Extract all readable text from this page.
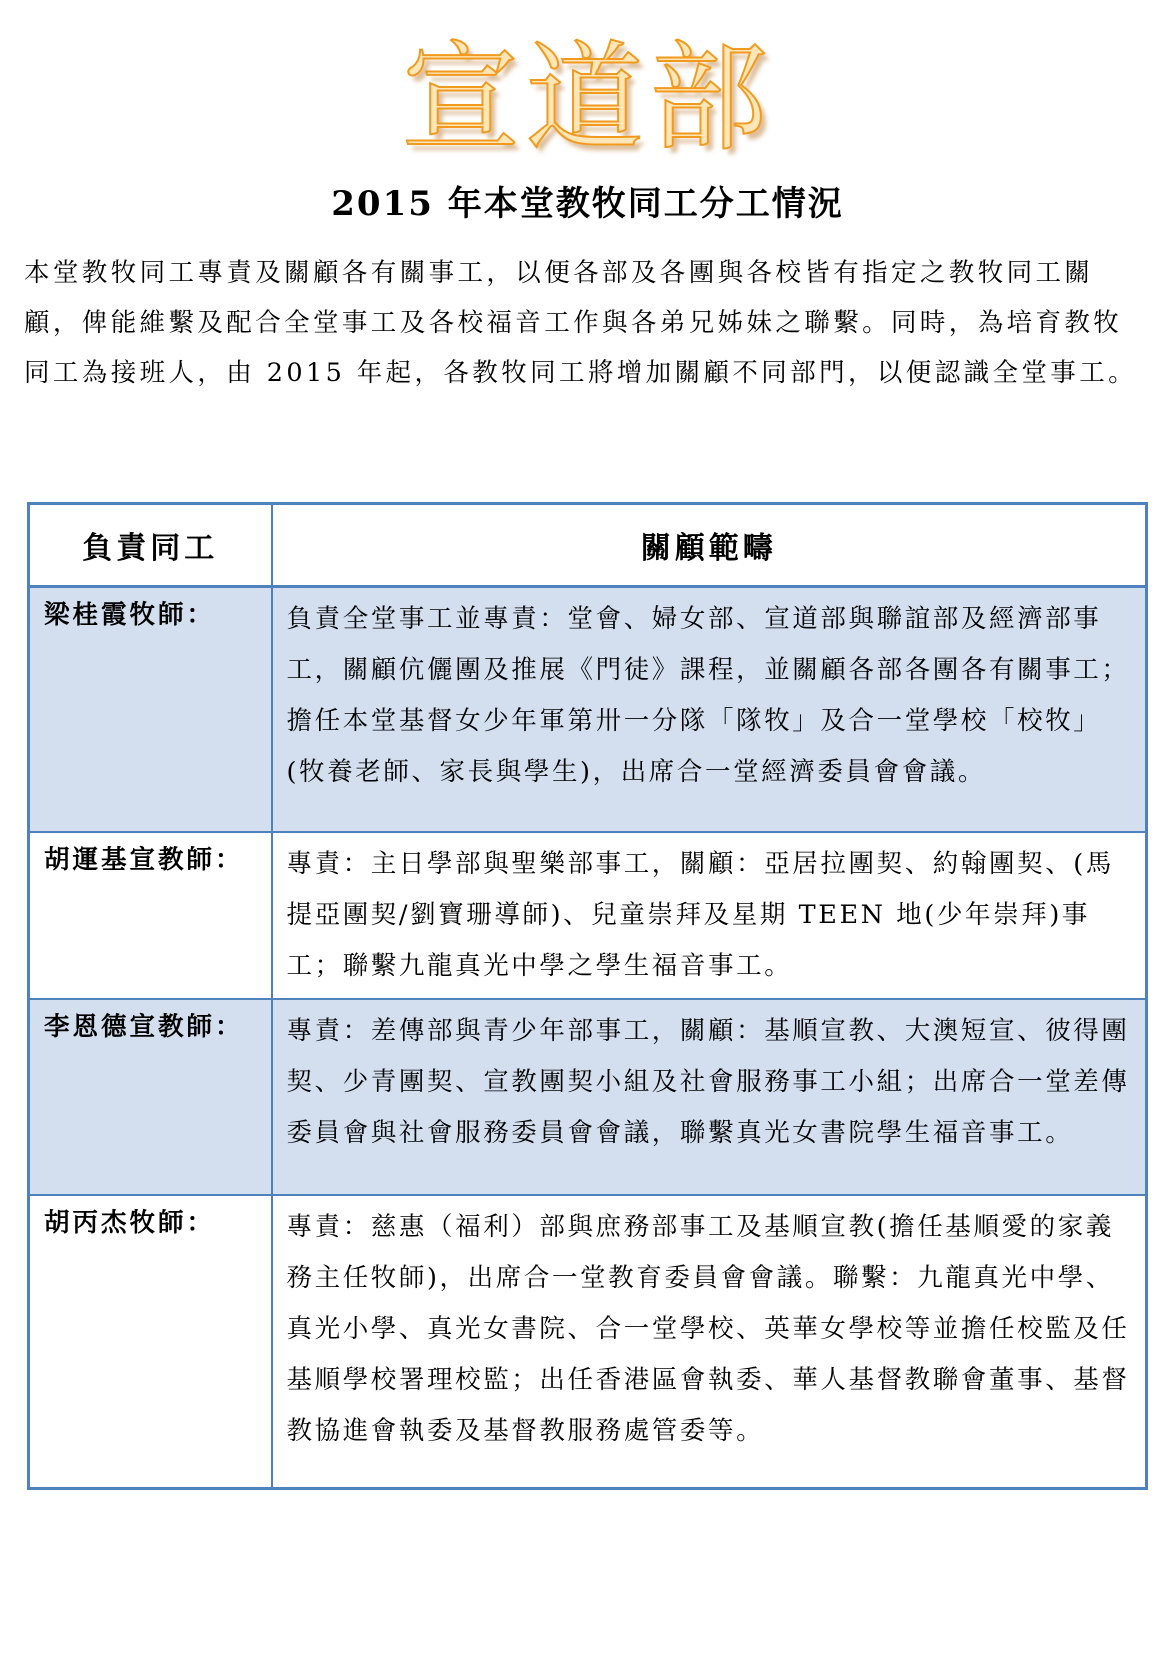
宣道部
2015 年本堂教牧同工分工情況

本堂教牧同工專責及關顧各有關事工，以便各部及各團與各校皆有指定之教牧同工關顧，俾能維繫及配合全堂事工及各校福音工作與各弟兄姊妹之聯繫。同時，為培育教牧同工為接班人，由 2015 年起，各教牧同工將增加關顧不同部門，以便認識全堂事工。

負責同工	關顧範疇
梁桂霞牧師：	負責全堂事工並專責：堂會、婦女部、宣道部與聯誼部及經濟部事工，關顧伉儷團及推展《門徒》課程，並關顧各部各團各有關事工；擔任本堂基督女少年軍第卅一分隊「隊牧」及合一堂學校「校牧」(牧養老師、家長與學生)，出席合一堂經濟委員會會議。
胡運基宣教師：	專責：主日學部與聖樂部事工，關顧：亞居拉團契、約翰團契、(馬提亞團契/劉寶珊導師)、兒童崇拜及星期 TEEN 地(少年崇拜)事工；聯繫九龍真光中學之學生福音事工。
李恩德宣教師：	專責：差傳部與青少年部事工，關顧：基順宣教、大澳短宣、彼得團契、少青團契、宣教團契小組及社會服務事工小組；出席合一堂差傳委員會與社會服務委員會會議，聯繫真光女書院學生福音事工。
胡丙杰牧師：	專責：慈惠（福利）部與庶務部事工及基順宣教(擔任基順愛的家義務主任牧師)，出席合一堂教育委員會會議。聯繫：九龍真光中學、真光小學、真光女書院、合一堂學校、英華女學校等並擔任校監及任基順學校署理校監；出任香港區會執委、華人基督教聯會董事、基督教協進會執委及基督教服務處管委等。
